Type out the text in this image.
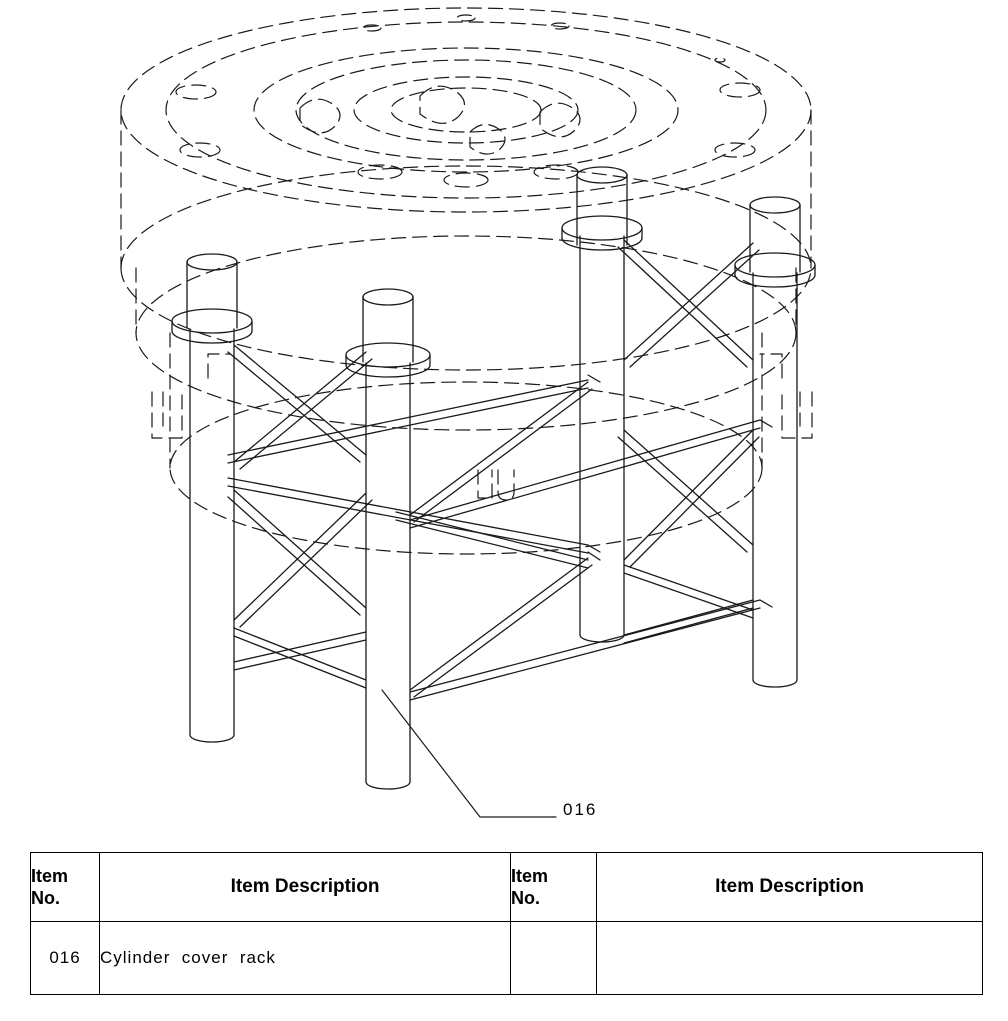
016
Item
No.	Item Description	Item
No.	Item Description
016	Cylinder  cover  rack		
